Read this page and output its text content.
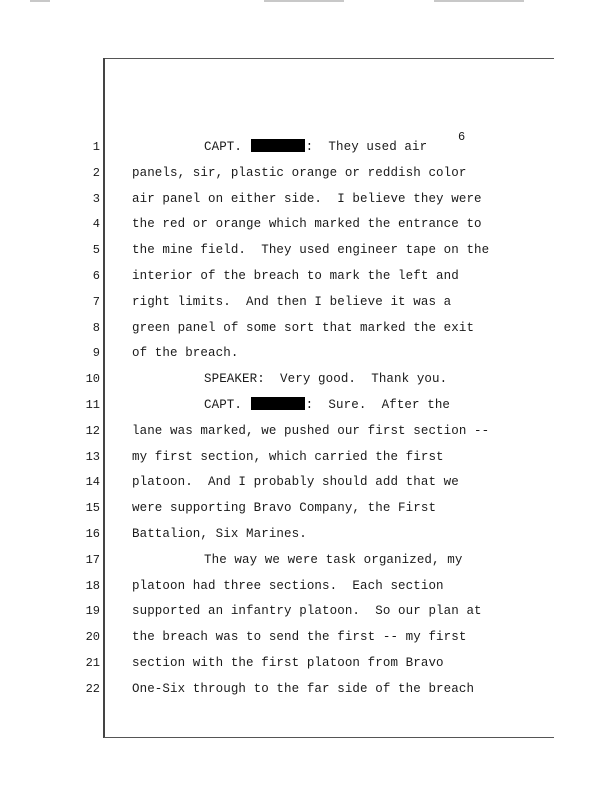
6
1
2
3
4
5
6
7
8
9
10
11
12
13
14
15
16
17
18
19
20
21
22
CAPT.	:  They used air
panels, sir, plastic orange or reddish color
air panel on either side.  I believe they were
the red or orange which marked the entrance to
the mine field.  They used engineer tape on the
interior of the breach to mark the left and
right limits.  And then I believe it was a
green panel of some sort that marked the exit
of the breach.
SPEAKER:  Very good.  Thank you.
CAPT.	:  Sure.  After the
lane was marked, we pushed our first section --
my first section, which carried the first
platoon.  And I probably should add that we
were supporting Bravo Company, the First
Battalion, Six Marines.
The way we were task organized, my
platoon had three sections.  Each section
supported an infantry platoon.  So our plan at
the breach was to send the first -- my first
section with the first platoon from Bravo
One-Six through to the far side of the breach
